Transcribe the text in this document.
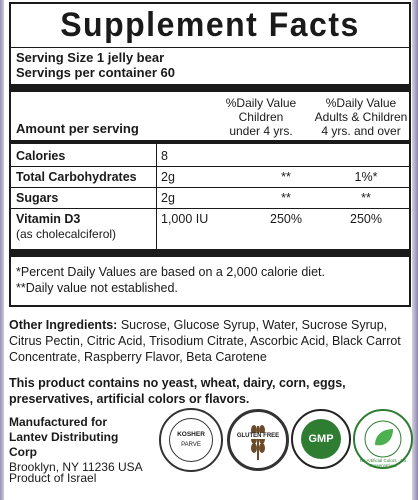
Supplement Facts
Serving Size 1 jelly bear
Servings per container 60
%Daily Value
Children
under 4 yrs.
%Daily Value
Adults & Children
4 yrs. and over
Amount per serving
Calories	8
Total Carbohydrates 2g	**	1%*
Sugars	2g	**	**
Vitamin D3	1,000 IU	250%	250%
(as cholecalciferol)
*Percent Daily Values are based on a 2,000 calorie diet.
**Daily value not established.
Other Ingredients: Sucrose, Glucose Syrup, Water, Sucrose Syrup, Citrus Pectin, Citric Acid, Trisodium Citrate, Ascorbic Acid, Black Carrot Concentrate, Raspberry Flavor, Beta Carotene
This product contains no yeast, wheat, dairy, corn, eggs, preservatives, artificial colors or flavors.
Manufactured for
Lantev Distributing Corp
Brooklyn, NY 11236 USA
Product of Israel
KOSHER
PARVE
GLUTEN FREE	GMP
No Artificial Colors · No Preservatives
